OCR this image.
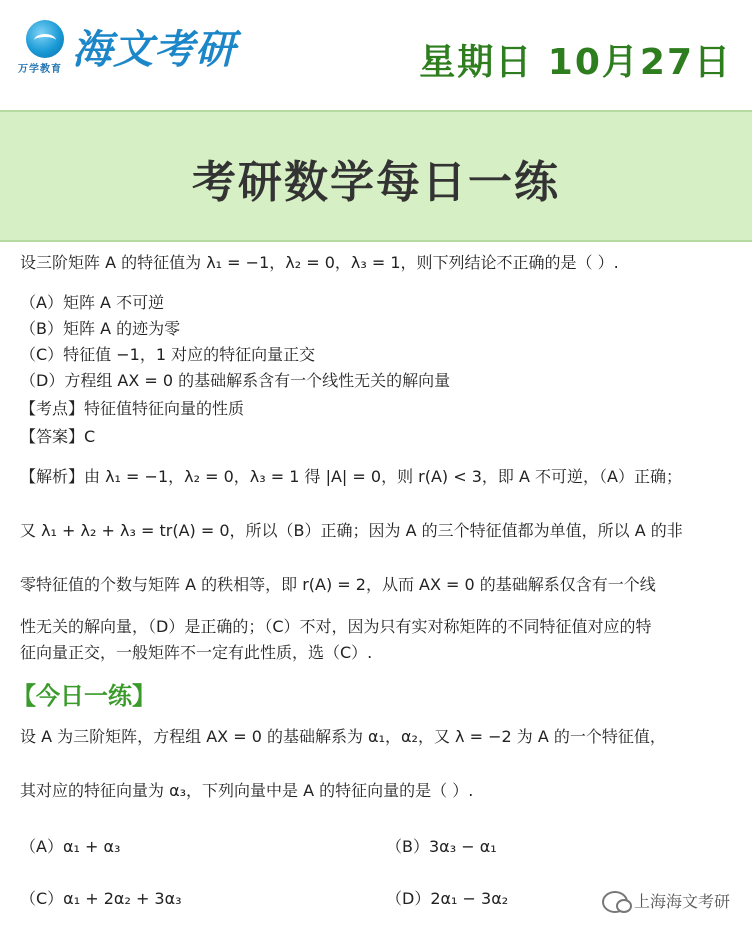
万学教育 海文考研	星期日 10月27日
考研数学每日一练
设三阶矩阵 A 的特征值为 λ₁ = −1，λ₂ = 0，λ₃ = 1，则下列结论不正确的是（ ）.
（A）矩阵 A 不可逆
（B）矩阵 A 的迹为零
（C）特征值 −1，1 对应的特征向量正交
（D）方程组 AX = 0 的基础解系含有一个线性无关的解向量
【考点】特征值特征向量的性质
【答案】C
【解析】由 λ₁ = −1，λ₂ = 0，λ₃ = 1 得 |A| = 0，则 r(A) < 3，即 A 不可逆，（A）正确；
又 λ₁ + λ₂ + λ₃ = tr(A) = 0，所以（B）正确；因为 A 的三个特征值都为单值，所以 A 的非
零特征值的个数与矩阵 A 的秩相等，即 r(A) = 2，从而 AX = 0 的基础解系仅含有一个线
性无关的解向量，（D）是正确的；（C）不对，因为只有实对称矩阵的不同特征值对应的特
征向量正交，一般矩阵不一定有此性质，选（C）.
【今日一练】
设 A 为三阶矩阵，方程组 AX = 0 的基础解系为 α₁，α₂，又 λ = −2 为 A 的一个特征值，
其对应的特征向量为 α₃，下列向量中是 A 的特征向量的是（ ）.
（A）α₁ + α₃	（B）3α₃ − α₁
（C）α₁ + 2α₂ + 3α₃	（D）2α₁ − 3α₂	上海海文考研
